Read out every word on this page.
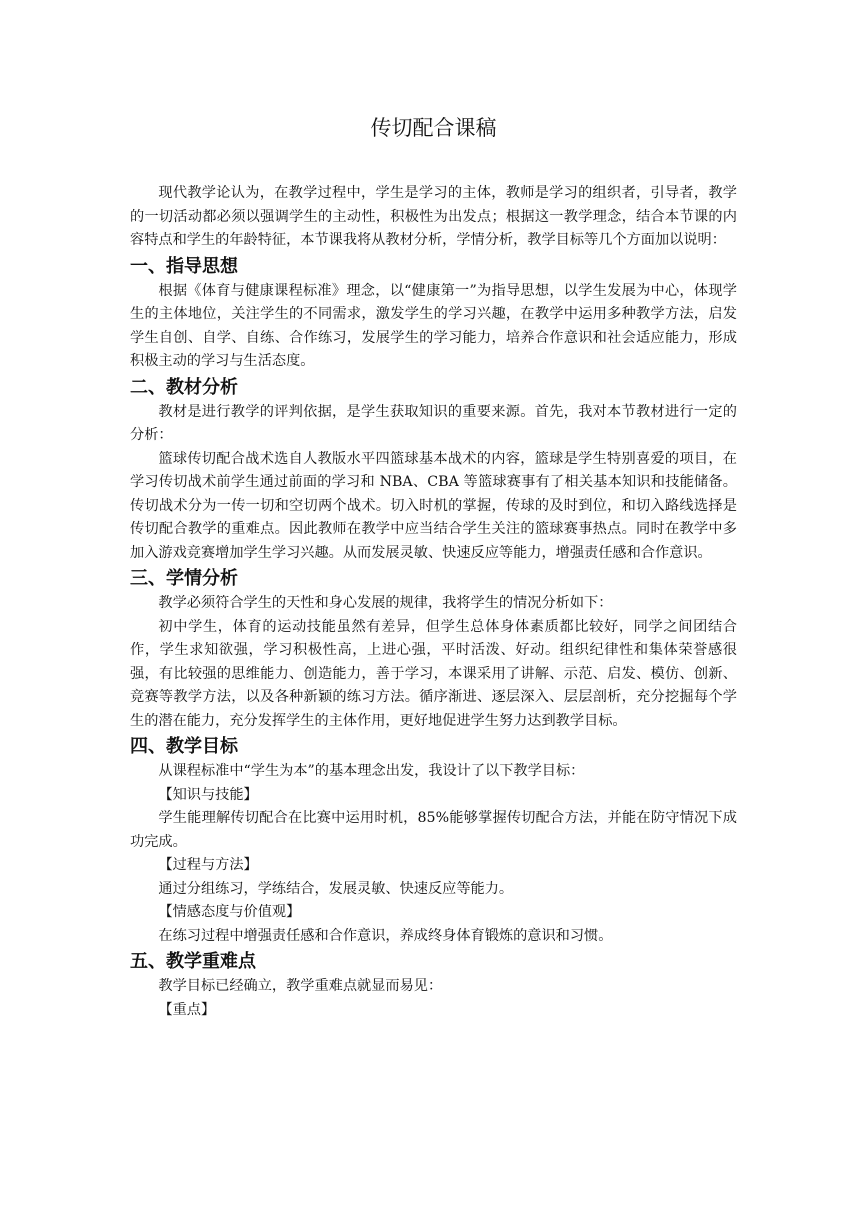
传切配合课稿

现代教学论认为，在教学过程中，学生是学习的主体，教师是学习的组织者，引导者，教学的一切活动都必须以强调学生的主动性，积极性为出发点；根据这一教学理念，结合本节课的内容特点和学生的年龄特征，本节课我将从教材分析，学情分析，教学目标等几个方面加以说明：

一、指导思想

根据《体育与健康课程标准》理念，以“健康第一”为指导思想，以学生发展为中心，体现学生的主体地位，关注学生的不同需求，激发学生的学习兴趣，在教学中运用多种教学方法，启发学生自创、自学、自练、合作练习，发展学生的学习能力，培养合作意识和社会适应能力，形成积极主动的学习与生活态度。

二、教材分析

教材是进行教学的评判依据，是学生获取知识的重要来源。首先，我对本节教材进行一定的分析：

篮球传切配合战术选自人教版水平四篮球基本战术的内容，篮球是学生特别喜爱的项目，在学习传切战术前学生通过前面的学习和 NBA、CBA 等篮球赛事有了相关基本知识和技能储备。传切战术分为一传一切和空切两个战术。切入时机的掌握，传球的及时到位，和切入路线选择是传切配合教学的重难点。因此教师在教学中应当结合学生关注的篮球赛事热点。同时在教学中多加入游戏竞赛增加学生学习兴趣。从而发展灵敏、快速反应等能力，增强责任感和合作意识。

三、学情分析

教学必须符合学生的天性和身心发展的规律，我将学生的情况分析如下：

初中学生，体育的运动技能虽然有差异，但学生总体身体素质都比较好，同学之间团结合作，学生求知欲强，学习积极性高，上进心强，平时活泼、好动。组织纪律性和集体荣誉感很强，有比较强的思维能力、创造能力，善于学习，本课采用了讲解、示范、启发、模仿、创新、竞赛等教学方法，以及各种新颖的练习方法。循序渐进、逐层深入、层层剖析，充分挖掘每个学生的潜在能力，充分发挥学生的主体作用，更好地促进学生努力达到教学目标。

四、教学目标

从课程标准中“学生为本”的基本理念出发，我设计了以下教学目标：

【知识与技能】

学生能理解传切配合在比赛中运用时机，85%能够掌握传切配合方法，并能在防守情况下成功完成。

【过程与方法】

通过分组练习，学练结合，发展灵敏、快速反应等能力。

【情感态度与价值观】

在练习过程中增强责任感和合作意识，养成终身体育锻炼的意识和习惯。

五、教学重难点

教学目标已经确立，教学重难点就显而易见：

【重点】
